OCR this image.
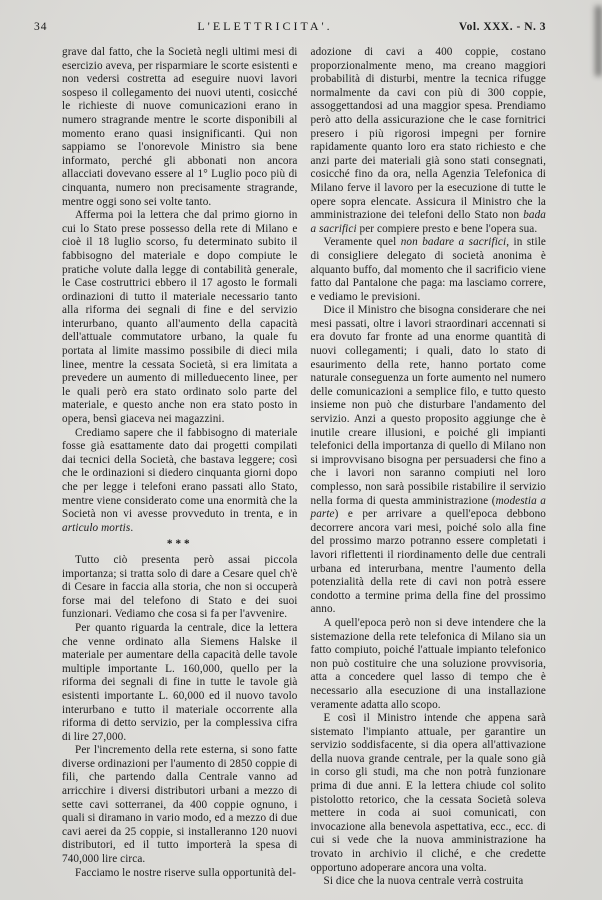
34	L'ELETTRICITA'.	Vol. XXX. - N. 3

grave dal fatto, che la Società negli ultimi mesi di esercizio aveva, per risparmiare le scorte esistenti e non vedersi costretta ad eseguire nuovi lavori sospeso il collegamento dei nuovi utenti, cosicché le richieste di nuove comunicazioni erano in numero stragrande mentre le scorte disponibili al momento erano quasi insignificanti. Qui non sappiamo se l'onorevole Ministro sia bene informato, perché gli abbonati non ancora allacciati dovevano essere al 1° Luglio poco più di cinquanta, numero non precisamente stragrande, mentre oggi sono sei volte tanto.

Afferma poi la lettera che dal primo giorno in cui lo Stato prese possesso della rete di Milano e cioè il 18 luglio scorso, fu determinato subito il fabbisogno del materiale e dopo compiute le pratiche volute dalla legge di contabilità generale, le Case costruttrici ebbero il 17 agosto le formali ordinazioni di tutto il materiale necessario tanto alla riforma dei segnali di fine e del servizio interurbano, quanto all'aumento della capacità dell'attuale commutatore urbano, la quale fu portata al limite massimo possibile di dieci mila linee, mentre la cessata Società, si era limitata a prevedere un aumento di milleduecento linee, per le quali però era stato ordinato solo parte del materiale, e questo anche non era stato posto in opera, bensì giaceva nei magazzini.

Crediamo sapere che il fabbisogno di materiale fosse già esattamente dato dai progetti compilati dai tecnici della Società, che bastava leggere; così che le ordinazioni si diedero cinquanta giorni dopo che per legge i telefoni erano passati allo Stato, mentre viene considerato come una enormità che la Società non vi avesse provveduto in trenta, e in articulo mortis.

***

Tutto ciò presenta però assai piccola importanza; si tratta solo di dare a Cesare quel ch'è di Cesare in faccia alla storia, che non si occuperà forse mai del telefono di Stato e dei suoi funzionari. Vediamo che cosa si fa per l'avvenire.

Per quanto riguarda la centrale, dice la lettera che venne ordinato alla Siemens Halske il materiale per aumentare della capacità delle tavole multiple importante L. 160,000, quello per la riforma dei segnali di fine in tutte le tavole già esistenti importante L. 60,000 ed il nuovo tavolo interurbano e tutto il materiale occorrente alla riforma di detto servizio, per la complessiva cifra di lire 27,000.

Per l'incremento della rete esterna, si sono fatte diverse ordinazioni per l'aumento di 2850 coppie di fili, che partendo dalla Centrale vanno ad arricchire i diversi distributori urbani a mezzo di sette cavi sotterranei, da 400 coppie ognuno, i quali si diramano in vario modo, ed a mezzo di due cavi aerei da 25 coppie, si installeranno 120 nuovi distributori, ed il tutto importerà la spesa di 740,000 lire circa.

Facciamo le nostre riserve sulla opportunità del-

adozione di cavi a 400 coppie, costano proporzionalmente meno, ma creano maggiori probabilità di disturbi, mentre la tecnica rifugge normalmente da cavi con più di 300 coppie, assoggettandosi ad una maggior spesa. Prendiamo però atto della assicurazione che le case fornitrici presero i più rigorosi impegni per fornire rapidamente quanto loro era stato richiesto e che anzi parte dei materiali già sono stati consegnati, cosicché fino da ora, nella Agenzia Telefonica di Milano ferve il lavoro per la esecuzione di tutte le opere sopra elencate. Assicura il Ministro che la amministrazione dei telefoni dello Stato non bada a sacrifici per compiere presto e bene l'opera sua.

Veramente quel non badare a sacrifici, in stile di consigliere delegato di società anonima è alquanto buffo, dal momento che il sacrificio viene fatto dal Pantalone che paga: ma lasciamo correre, e vediamo le previsioni.

Dice il Ministro che bisogna considerare che nei mesi passati, oltre i lavori straordinari accennati si era dovuto far fronte ad una enorme quantità di nuovi collegamenti; i quali, dato lo stato di esaurimento della rete, hanno portato come naturale conseguenza un forte aumento nel numero delle comunicazioni a semplice filo, e tutto questo insieme non può che disturbare l'andamento del servizio. Anzi a questo proposito aggiunge che è inutile creare illusioni, e poiché gli impianti telefonici della importanza di quello di Milano non si improvvisano bisogna per persuadersi che fino a che i lavori non saranno compiuti nel loro complesso, non sarà possibile ristabilire il servizio nella forma di questa amministrazione (modestia a parte) e per arrivare a quell'epoca debbono decorrere ancora vari mesi, poiché solo alla fine del prossimo marzo potranno essere completati i lavori riflettenti il riordinamento delle due centrali urbana ed interurbana, mentre l'aumento della potenzialità della rete di cavi non potrà essere condotto a termine prima della fine del prossimo anno.

A quell'epoca però non si deve intendere che la sistemazione della rete telefonica di Milano sia un fatto compiuto, poiché l'attuale impianto telefonico non può costituire che una soluzione provvisoria, atta a concedere quel lasso di tempo che è necessario alla esecuzione di una installazione veramente adatta allo scopo.

E così il Ministro intende che appena sarà sistemato l'impianto attuale, per garantire un servizio soddisfacente, si dia opera all'attivazione della nuova grande centrale, per la quale sono già in corso gli studi, ma che non potrà funzionare prima di due anni. E la lettera chiude col solito pistolotto retorico, che la cessata Società soleva mettere in coda ai suoi comunicati, con invocazione alla benevola aspettativa, ecc., ecc. di cui si vede che la nuova amministrazione ha trovato in archivio il cliché, e che credette opportuno adoperare ancora una volta.

Si dice che la nuova centrale verrà costruita
